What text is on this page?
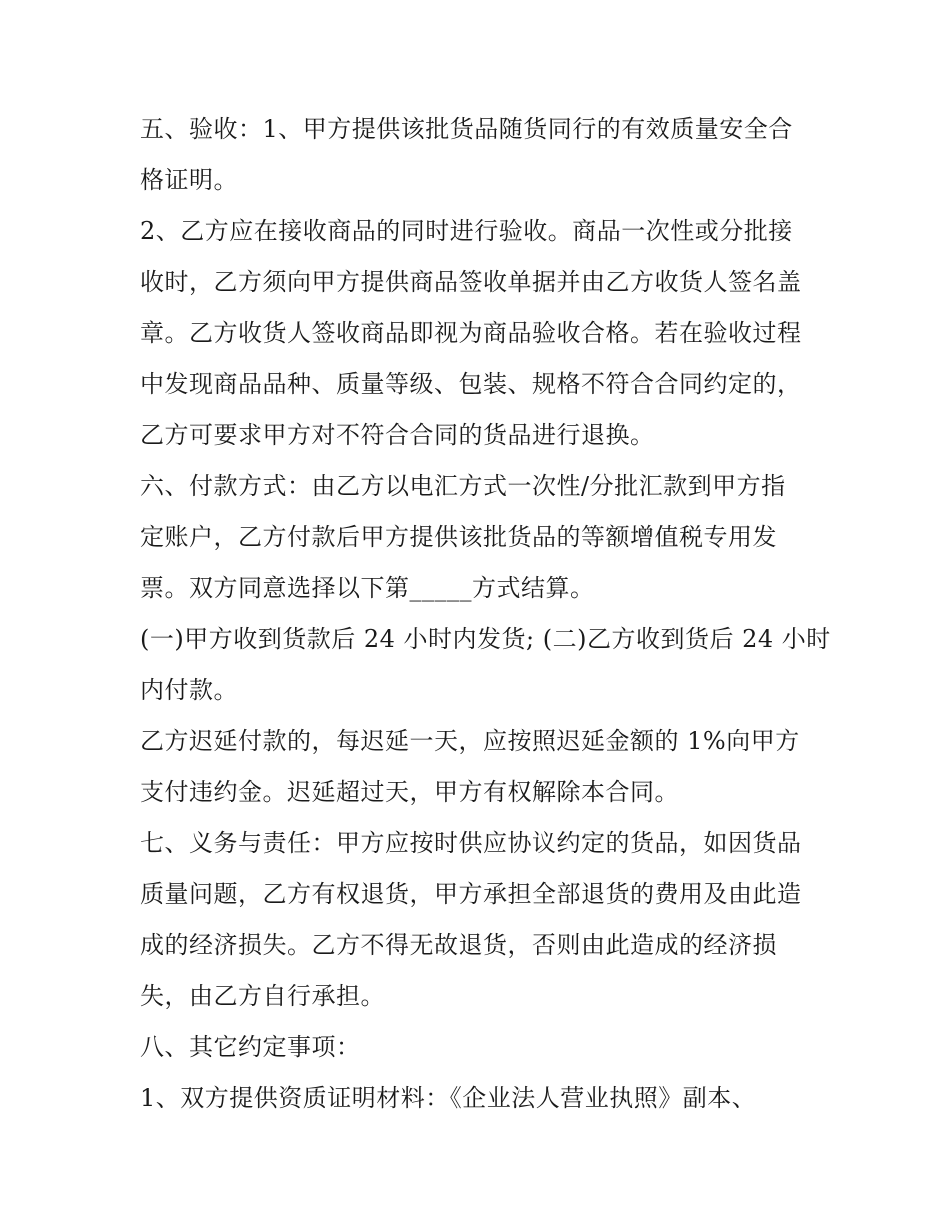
五、验收：1、甲方提供该批货品随货同行的有效质量安全合
格证明。

2、乙方应在接收商品的同时进行验收。商品一次性或分批接
收时，乙方须向甲方提供商品签收单据并由乙方收货人签名盖
章。乙方收货人签收商品即视为商品验收合格。若在验收过程
中发现商品品种、质量等级、包装、规格不符合合同约定的，
乙方可要求甲方对不符合合同的货品进行退换。

六、付款方式：由乙方以电汇方式一次性/分批汇款到甲方指
定账户，乙方付款后甲方提供该批货品的等额增值税专用发
票。双方同意选择以下第_____方式结算。

(一)甲方收到货款后 24 小时内发货; (二)乙方收到货后 24 小时
内付款。

乙方迟延付款的，每迟延一天，应按照迟延金额的 1%向甲方
支付违约金。迟延超过天，甲方有权解除本合同。

七、义务与责任：甲方应按时供应协议约定的货品，如因货品
质量问题，乙方有权退货，甲方承担全部退货的费用及由此造
成的经济损失。乙方不得无故退货，否则由此造成的经济损
失，由乙方自行承担。

八、其它约定事项：

1、双方提供资质证明材料：《企业法人营业执照》副本、
